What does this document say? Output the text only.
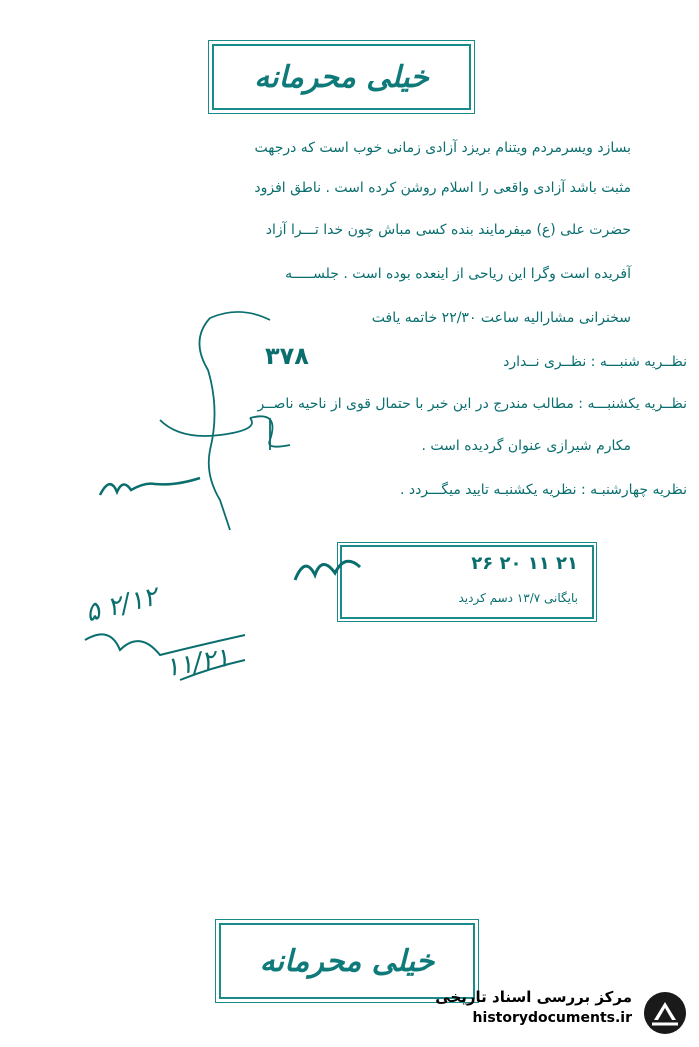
خیلی محرمانه
بسازد ویسرمردم ویتنام بریزد آزادی زمانی خوب است که درجهت
مثبت باشد آزادی واقعی را اسلام روشن کرده است . ناطق افزود
حضرت علی (ع) میفرمایند بنده کسی مباش چون خدا تـــرا آزاد
آفریده است وگرا این ریاحی از اینعده بوده است . جلســـــه
سخنرانی مشارالیه ساعت ۲۲/۳۰ خاتمه یافت
نظــریه شنبـــه : نظــری نــدارد
۳۷۸
نظــریه یکشنبـــه : مطالب مندرج در این خبر با حتمال قوی از ناحیه ناصــر
مکارم شیرازی عنوان گردیده است .
نظریه چهارشنبـه : نظریه یکشنبـه تایید میگـــردد .
۲۱ ۱۱ ۲۰ ۲۶
بایگانی ۱۳/۷ دسم کردید
۲/۱۲ ۵
۱۱/۲۱
خیلی محرمانه
مرکز بررسی اسناد تاریخی
historydocuments.ir
